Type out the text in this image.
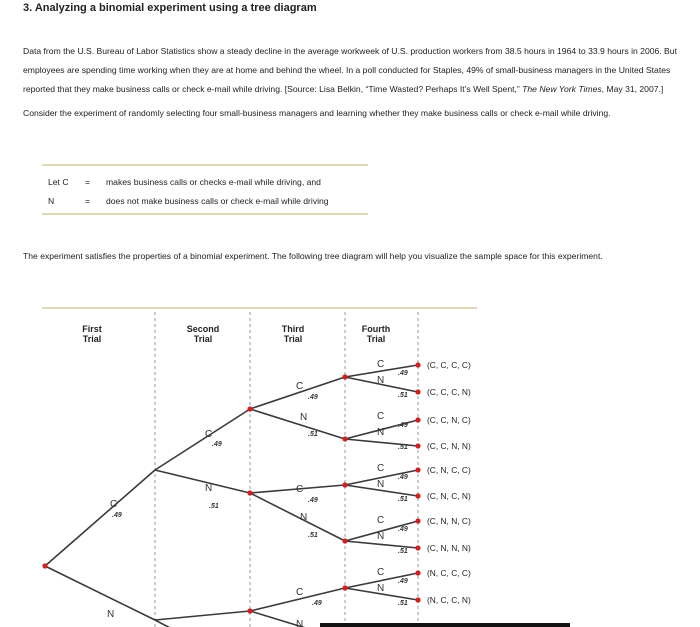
3. Analyzing a binomial experiment using a tree diagram
Data from the U.S. Bureau of Labor Statistics show a steady decline in the average workweek of U.S. production workers from 38.5 hours in 1964 to 33.9 hours in 2006. But employees are spending time working when they are at home and behind the wheel. In a poll conducted for Staples, 49% of small-business managers in the United States reported that they make business calls or check e-mail while driving. [Source: Lisa Belkin, “Time Wasted? Perhaps It’s Well Spent,” The New York Times, May 31, 2007.]
Consider the experiment of randomly selecting four small-business managers and learning whether they make business calls or check e-mail while driving.
Let C = makes business calls or checks e-mail while driving, and
N	= does not make business calls or check e-mail while driving
The experiment satisfies the properties of a binomial experiment. The following tree diagram will help you visualize the sample space for this experiment.
First
Trial
Second
Trial
Third
Trial
Fourth
Trial
C
.49
N
C
.49
N
.51
C
.49
N
.51
C
.49
N
.51
C
.49
N
C
.49
N
.51
C
.49
N
.51
C
.49
N
.51
C
.49
N
.51
C
.49
N
.51
(C, C, C, C)
(C, C, C, N)
(C, C, N, C)
(C, C, N, N)
(C, N, C, C)
(C, N, C, N)
(C, N, N, C)
(C, N, N, N)
(N, C, C, C)
(N, C, C, N)
